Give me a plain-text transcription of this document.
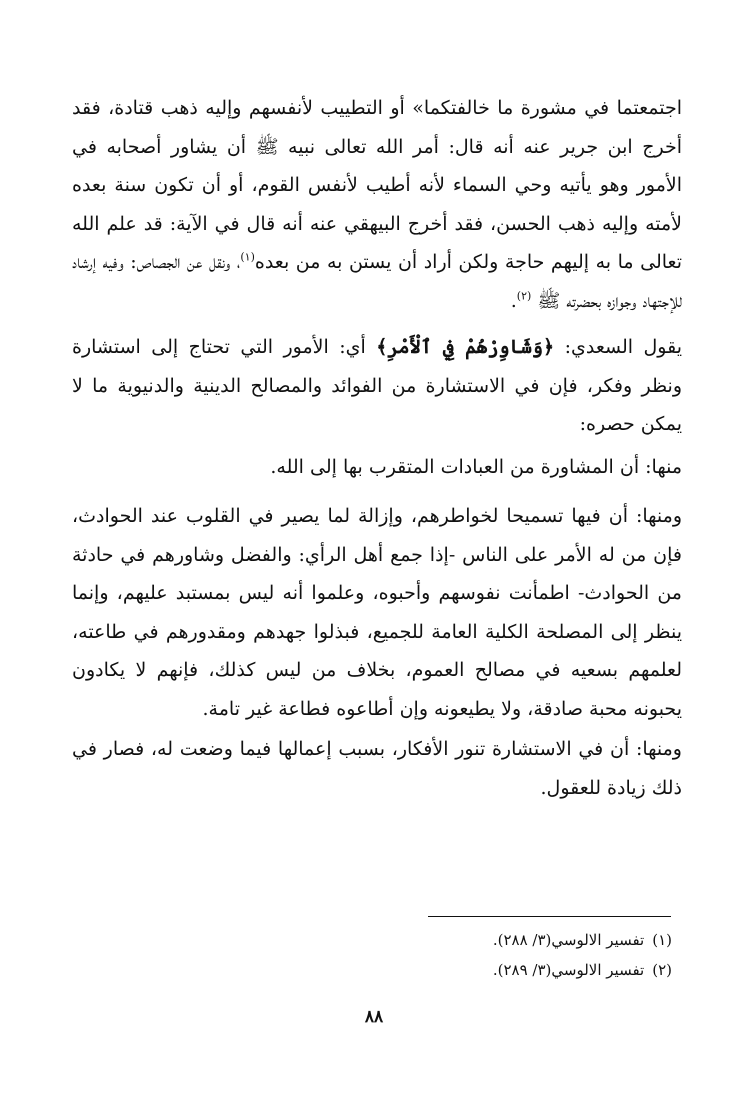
اجتمعتما في مشورة ما خالفتكما» أو التطييب لأنفسهم وإليه ذهب قتادة، فقد أخرج ابن جرير عنه أنه قال: أمر الله تعالى نبيه ﷺ أن يشاور أصحابه في الأمور وهو يأتيه وحي السماء لأنه أطيب لأنفس القوم، أو أن تكون سنة بعده لأمته وإليه ذهب الحسن، فقد أخرج البيهقي عنه أنه قال في الآية: قد علم الله تعالى ما به إليهم حاجة ولكن أراد أن يستن به من بعده$^{(١)}$، ونقل عن الجصاص: وفيه إرشاد للإجتهاد وجوازه بحضرته ﷺ $^{(٢)}$.

يقول السعدي: ﴿وَشَاوِرْهُمْ فِي ٱلْأَمْرِ﴾ أي: الأمور التي تحتاج إلى استشارة ونظر وفكر، فإن في الاستشارة من الفوائد والمصالح الدينية والدنيوية ما لا يمكن حصره:

منها: أن المشاورة من العبادات المتقرب بها إلى الله.

ومنها: أن فيها تسميحا لخواطرهم، وإزالة لما يصير في القلوب عند الحوادث، فإن من له الأمر على الناس -إذا جمع أهل الرأي: والفضل وشاورهم في حادثة من الحوادث- اطمأنت نفوسهم وأحبوه، وعلموا أنه ليس بمستبد عليهم، وإنما ينظر إلى المصلحة الكلية العامة للجميع، فبذلوا جهدهم ومقدورهم في طاعته، لعلمهم بسعيه في مصالح العموم، بخلاف من ليس كذلك، فإنهم لا يكادون يحبونه محبة صادقة، ولا يطيعونه وإن أطاعوه فطاعة غير تامة.

ومنها: أن في الاستشارة تنور الأفكار، بسبب إعمالها فيما وضعت له، فصار في ذلك زيادة للعقول.

(١)تفسير الالوسي(٣/ ٢٨٨).
(٢)تفسير الالوسي(٣/ ٢٨٩).
٨٨
